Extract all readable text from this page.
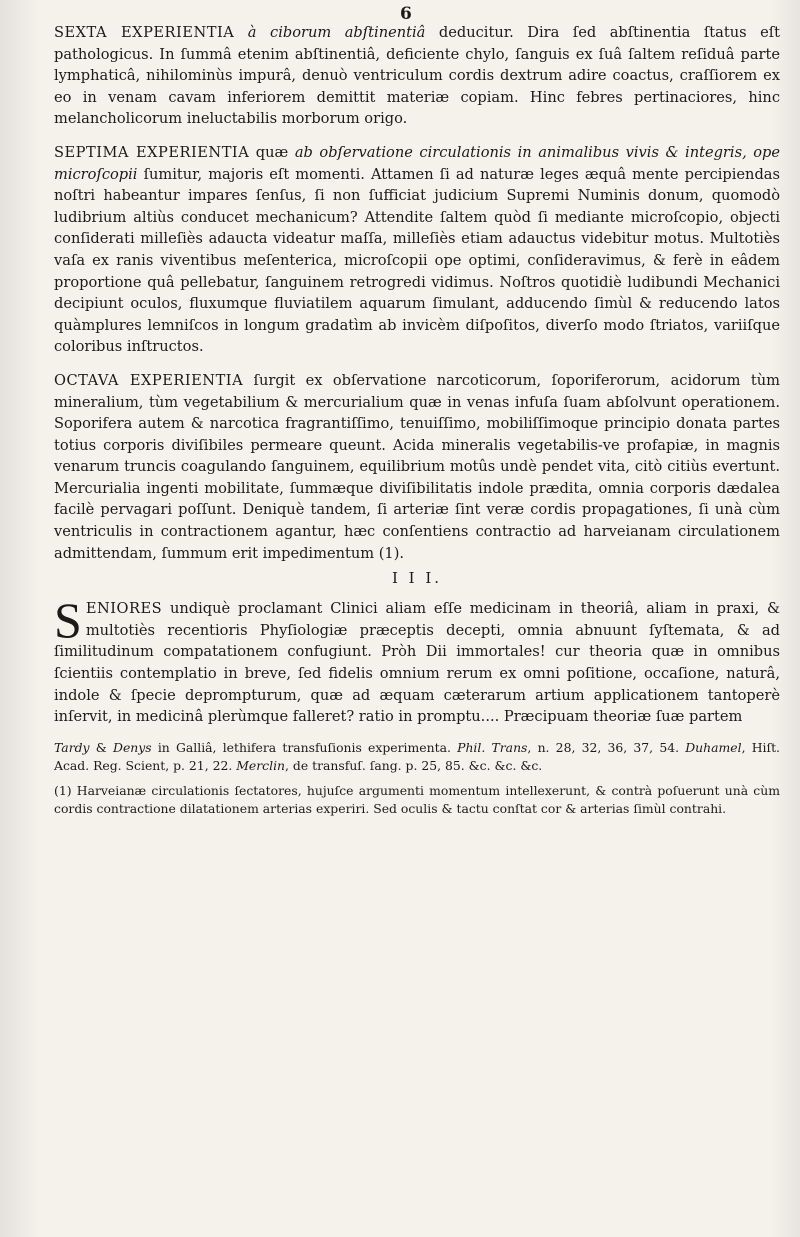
6

SEXTA EXPERIENTIA à ciborum abſtinentiâ deducitur. Dira ſed abſtinentia ſtatus eſt pathologicus. In ſummâ etenim abſtinentiâ, deficiente chylo, ſanguis ex ſuâ ſaltem reſiduâ parte lymphaticâ, nihilominùs impurâ, denuò ventriculum cordis dextrum adire coactus, craſſiorem ex eo in venam cavam inferiorem demittit materiæ copiam. Hinc febres pertinaciores, hinc melancholicorum ineluctabilis morborum origo.

SEPTIMA EXPERIENTIA quæ ab obſervatione circulationis in animalibus vivis & integris, ope microſcopii ſumitur, majoris eſt momenti. Attamen ſi ad naturæ leges æquâ mente percipiendas noſtri habeantur impares ſenſus, ſi non ſufficiat judicium Supremi Numinis donum, quomodò ludibrium altiùs conducet mechanicum? Attendite ſaltem quòd ſi mediante microſcopio, objecti conſiderati milleſiès adaucta videatur maſſa, milleſiès etiam adauctus videbitur motus. Multotiès vaſa ex ranis viventibus meſenterica, microſcopii ope optimi, conſideravimus, & ferè in eâdem proportione quâ pellebatur, ſanguinem retrogredi vidimus. Noſtros quotidiè ludibundi Mechanici decipiunt oculos, fluxumque fluviatilem aquarum ſimulant, adducendo ſimùl & reducendo latos quàmplures lemniſcos in longum gradatìm ab invicèm diſpoſitos, diverſo modo ſtriatos, variiſque coloribus inſtructos.

OCTAVA EXPERIENTIA ſurgit ex obſervatione narcoticorum, ſoporiferorum, acidorum tùm mineralium, tùm vegetabilium & mercurialium quæ in venas infuſa ſuam abſolvunt operationem. Soporifera autem & narcotica fragrantiſſimo, tenuiſſimo, mobiliſſimoque principio donata partes totius corporis diviſibiles permeare queunt. Acida mineralis vegetabilis-ve profapiæ, in magnis venarum truncis coagulando ſanguinem, equilibrium motûs undè pendet vita, citò citiùs evertunt. Mercurialia ingenti mobilitate, ſummæque diviſibilitatis indole prædita, omnia corporis dædalea facilè pervagari poſſunt. Deniquè tandem, ſi arteriæ ſint veræ cordis propagationes, ſi unà cùm ventriculis in contractionem agantur, hæc conſentiens contractio ad harveianam circulationem admittendam, ſummum erit impedimentum (1).

I I I.

S ENIORES undiquè proclamant Clinici aliam eſſe medicinam in theoriâ, aliam in praxi, & multotiès recentioris Phyſiologiæ præceptis decepti, omnia abnuunt ſyſtemata, & ad ſimilitudinum compatationem confugiunt. Pròh Dii immortales! cur theoria quæ in omnibus ſcientiis contemplatio in breve, ſed fidelis omnium rerum ex omni poſitione, occaſione, naturâ, indole & ſpecie deprompturum, quæ ad æquam cæterarum artium applicationem tantoperè inſervit, in medicinâ plerùmque falleret? ratio in promptu.... Præcipuam theoriæ ſuæ partem

Tardy & Denys in Galliâ, lethifera transfuſionis experimenta. Phil. Trans, n. 28, 32, 36, 37, 54. Duhamel, Hiſt. Acad. Reg. Scient, p. 21, 22. Merclin, de transfuſ. ſang. p. 25, 85. &c. &c. &c.

(1) Harveianæ circulationis ſectatores, hujuſce argumenti momentum intellexerunt, & contrà poſuerunt unà cùm cordis contractione dilatationem arterias experiri. Sed oculis & tactu conſtat cor & arterias ſimùl contrahi.
